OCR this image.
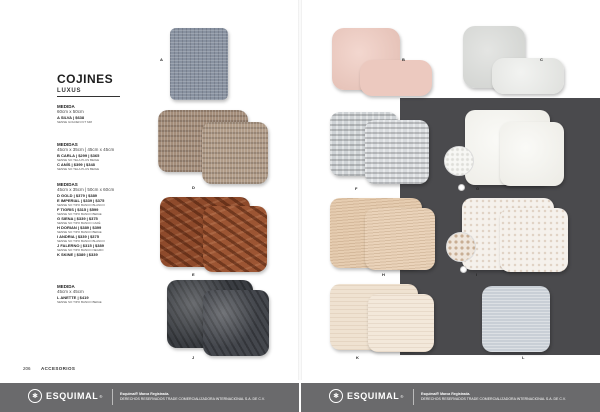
COJINES
LUXUS
MEDIDA
60cm x 50cm
A SILVA | $638
SENSE GOLDEN KIT 648
MEDIDAS
45cm x 35cm | 45cm x 45cm
B CARLA | $299 | $365
SENSE SO TELA PLUS BEIGE
C ANÍS | $399 | $348
SENSE SO TELA PLUS BEIGE
MEDIDAS
45cm x 35cm | 50cm x 60cm
D GOLD | $379 | $389
E IMPERIAL | $339 | $375
SENSE SO TIPO BANCO BLANCO
F TIGRIS | $315 | $599
SENSE SO TIPO BANCO BEIGE
G SIENA | $339 | $375
SENSE SO TIPO BANCO CAFÉ
H DORIAN | $389 | $399
SENSE SO TIPO BANCO BEIGE
I ANDRIA | $339 | $375
SENSE SO TIPO BANCO BLANCO
J FALERNO | $315 | $389
SENSE SO TIPO BANCO NEGRO
K SKINE | $389 | $339
MEDIDA
45cm x 45cm
L ANETTE | $419
SENSE SO TIPO BANCO BEIGE
A
D
E
J
206 ACCESORIOS
B	C
F	G
H	I
K	L
✱ ESQUIMAL ®	Esquimal® Marca Registrada.
DERECHOS RESERVADOS TRADE COMERCIALIZADORA INTERNACIONAL S.A. DE C.V.	✱ ESQUIMAL ®	Esquimal® Marca Registrada.
DERECHOS RESERVADOS TRADE COMERCIALIZADORA INTERNACIONAL S.A. DE C.V.
